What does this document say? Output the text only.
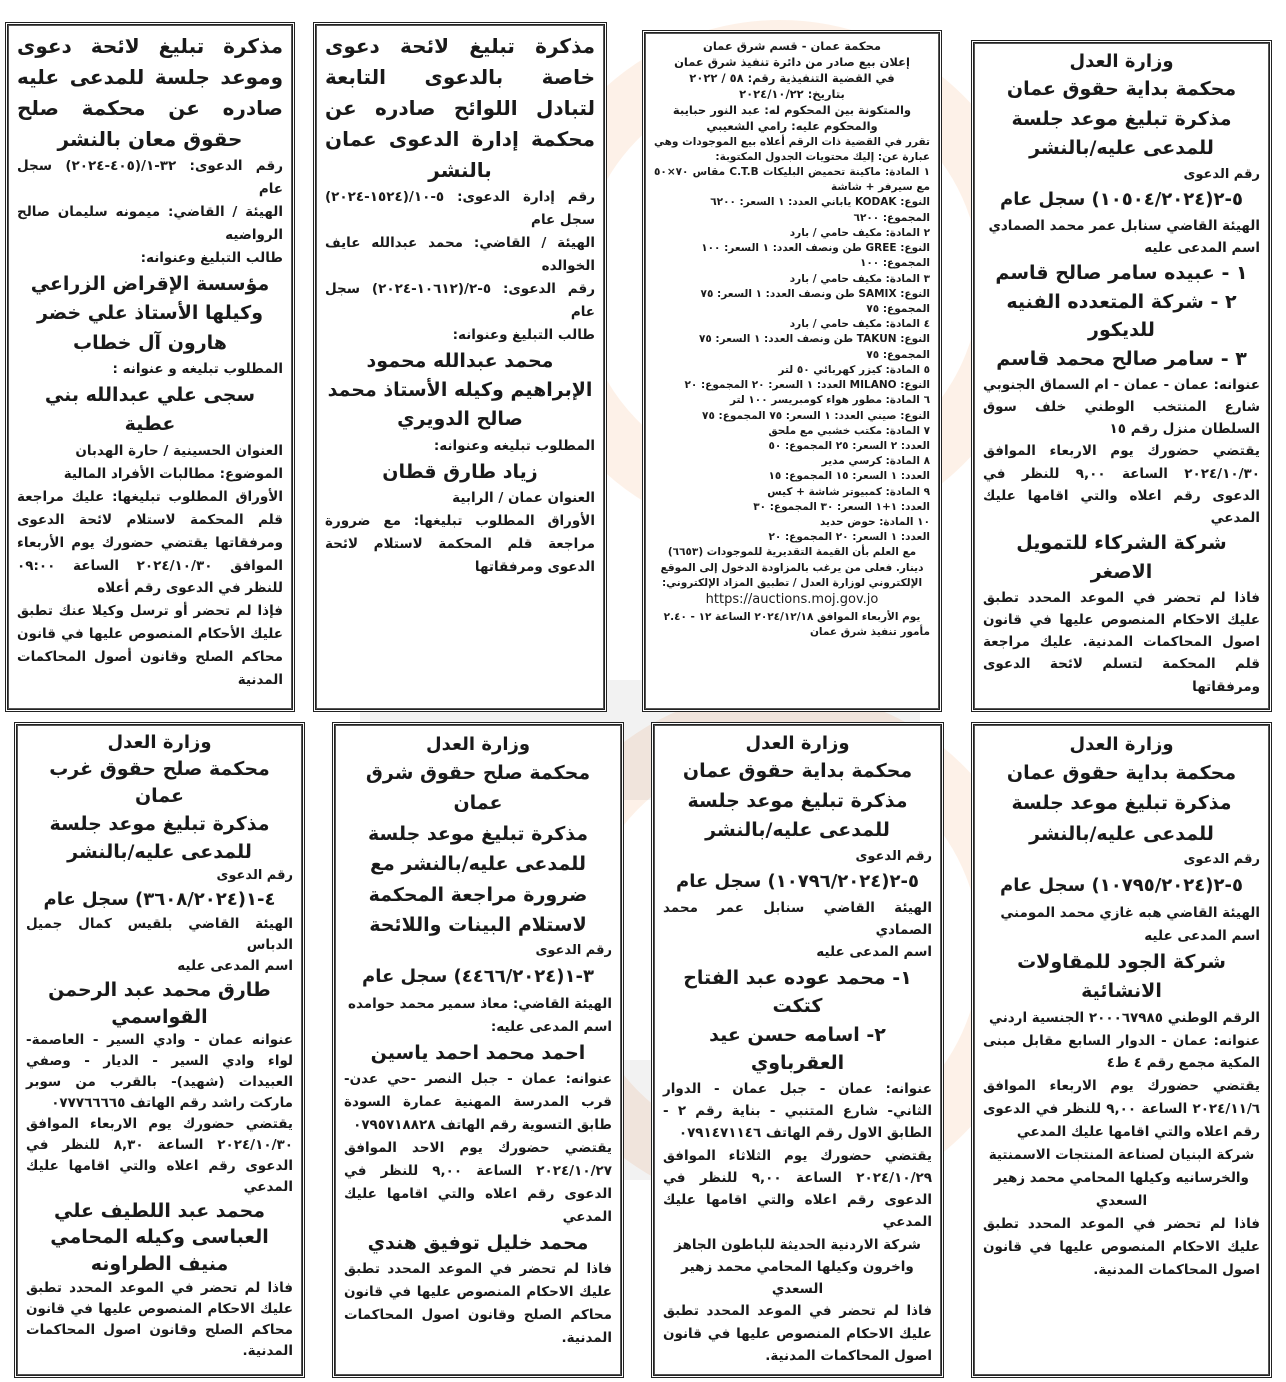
مذكرة تبليغ لائحة دعوى وموعد جلسة للمدعى عليه صادره عن محكمة صلح حقوق معان بالنشر

رقم الدعوى: ٣٢-١/(٤٠٥-٢٠٢٤) سجل عام

الهيئة / القاضي: ميمونه سليمان صالح الرواضيه

طالب التبليغ وعنوانه:

مؤسسة الإقراض الزراعي وكيلها الأستاذ علي خضر هارون آل خطاب

المطلوب تبليغه و عنوانه :

سجى علي عبدالله بني عطية

العنوان الحسينية / حارة الهدبان

الموضوع: مطالبات الأفراد المالية

الأوراق المطلوب تبليغها: عليك مراجعة قلم المحكمة لاستلام لائحة الدعوى ومرفقاتها يقتضي حضورك يوم الأربعاء الموافق ٢٠٢٤/١٠/٣٠ الساعة ٠٩:٠٠ للنظر في الدعوى رقم أعلاه

فإذا لم تحضر أو ترسل وكيلا عنك تطبق عليك الأحكام المنصوص عليها في قانون محاكم الصلح وقانون أصول المحاكمات المدنية

مذكرة تبليغ لائحة دعوى خاصة بالدعوى التابعة لتبادل اللوائح صادره عن محكمة إدارة الدعوى عمان بالنشر

رقم إدارة الدعوى: ٥-١٠/(١٥٢٤-٢٠٢٤) سجل عام

الهيئة / القاضي: محمد عبدالله عايف الخوالده

رقم الدعوى: ٥-٢/(١٠٦١٢-٢٠٢٤) سجل عام

طالب التبليغ وعنوانه:

محمد عبدالله محمود الإبراهيم وكيله الأستاذ محمد صالح الدويري

المطلوب تبليغه وعنوانه:

زياد طارق قطان

العنوان عمان / الرابية

الأوراق المطلوب تبليغها: مع ضرورة مراجعة قلم المحكمة لاستلام لائحة الدعوى ومرفقاتها

محكمة عمان - قسم شرق عمان

إعلان بيع صادر من دائرة تنفيذ شرق عمان

في القضية التنفيذية رقم: ٥٨ / ٢٠٢٢

بتاريخ: ٢٠٢٤/١٠/٢٢

والمتكونة بين المحكوم له: عبد النور حبايبة

والمحكوم عليه: رامي الشعيبي

تقرر في القضية ذات الرقم أعلاه بيع الموجودات وهي عبارة عن: إليك محتويات الجدول المكتوبة:

١ المادة: ماكينة تحميض البليكات C.T.B مقاس ٧٠×٥٠ مع سيرفر + شاشة

النوع: KODAK ياباني العدد: ١ السعر: ٦٢٠٠

المجموع: ٦٢٠٠

٢ المادة: مكيف حامي / بارد

النوع: GREE طن ونصف العدد: ١ السعر: ١٠٠

المجموع: ١٠٠

٣ المادة: مكيف حامي / بارد

النوع: SAMIX طن ونصف العدد: ١ السعر: ٧٥

المجموع: ٧٥

٤ المادة: مكيف حامي / بارد

النوع: TAKUN طن ونصف العدد: ١ السعر: ٧٥

المجموع: ٧٥

٥ المادة: كيزر كهربائي ٥٠ لتر

النوع: MILANO العدد: ١ السعر: ٢٠ المجموع: ٢٠

٦ المادة: مطور هواء كومبريسر ١٠٠ لتر

النوع: صيني العدد: ١ السعر: ٧٥ المجموع: ٧٥

٧ المادة: مكتب خشبي مع ملحق

العدد: ٢ السعر: ٢٥ المجموع: ٥٠

٨ المادة: كرسي مدير

العدد: ١ السعر: ١٥ المجموع: ١٥

٩ المادة: كمبيوتر شاشة + كيس

العدد: ١+١ السعر: ٣٠ المجموع: ٣٠

١٠ المادة: حوض حديد

العدد: ١ السعر: ٢٠ المجموع: ٢٠

مع العلم بأن القيمة التقديرية للموجودات (٦٦٥٣) دينار. فعلى من يرغب بالمزاودة الدخول إلى الموقع الإلكتروني لوزارة العدل / تطبيق المزاد الإلكتروني:

https://auctions.moj.gov.jo

يوم الأربعاء الموافق ٢٠٢٤/١٢/١٨ الساعة ١٢ - ٢.٤٠

مأمور تنفيذ شرق عمان

وزارة العدل

محكمة بداية حقوق عمان

مذكرة تبليغ موعد جلسة للمدعى عليه/بالنشر

رقم الدعوى

٥-٢(١٠٥٠٤/٢٠٢٤) سجل عام

الهيئة القاضي سنابل عمر محمد الصمادي

اسم المدعى عليه

١ - عبيده سامر صالح قاسم

٢ - شركة المتعدده الفنيه للديكور

٣ - سامر صالح محمد قاسم

عنوانه: عمان - عمان - ام السماق الجنوبي شارع المنتخب الوطني خلف سوق السلطان منزل رقم ١٥

يقتضي حضورك يوم الاربعاء الموافق ٢٠٢٤/١٠/٣٠ الساعة ٩,٠٠ للنظر في الدعوى رقم اعلاه والتي اقامها عليك المدعي

شركة الشركاء للتمويل الاصغر

فاذا لم تحضر في الموعد المحدد تطبق عليك الاحكام المنصوص عليها في قانون اصول المحاكمات المدنية. عليك مراجعة قلم المحكمة لتسلم لائحة الدعوى ومرفقاتها

وزارة العدل

محكمة صلح حقوق غرب عمان

مذكرة تبليغ موعد جلسة للمدعى عليه/بالنشر

رقم الدعوى

٤-١(٣٦٠٨/٢٠٢٤) سجل عام

الهيئة القاضي بلقيس كمال جميل الدباس

اسم المدعى عليه

طارق محمد عبد الرحمن القواسمي

عنوانه عمان - وادي السير - العاصمة- لواء وادي السير - الديار - وصفي العبيدات (شهيد)- بالقرب من سوبر ماركت راشد رقم الهاتف ٠٧٧٧٦٦٦٦٥

يقتضي حضورك يوم الاربعاء الموافق ٢٠٢٤/١٠/٣٠ الساعة ٨,٣٠ للنظر في الدعوى رقم اعلاه والتي اقامها عليك المدعي

محمد عبد اللطيف علي العباسى وكيله المحامي منيف الطراونه

فاذا لم تحضر في الموعد المحدد تطبق عليك الاحكام المنصوص عليها في قانون محاكم الصلح وقانون اصول المحاكمات المدنية.

وزارة العدل

محكمة صلح حقوق شرق عمان

مذكرة تبليغ موعد جلسة للمدعى عليه/بالنشر مع ضرورة مراجعة المحكمة لاستلام البينات واللائحة

رقم الدعوى

٣-١(٤٤٦٦/٢٠٢٤) سجل عام

الهيئة القاضي: معاذ سمير محمد حوامده

اسم المدعى عليه:

احمد محمد احمد ياسين

عنوانه: عمان - جبل النصر -حي عدن- قرب المدرسة المهنية عمارة السودة طابق التسوية رقم الهاتف ٠٧٩٥٧١٨٨٢٨

يقتضي حضورك يوم الاحد الموافق ٢٠٢٤/١٠/٢٧ الساعة ٩,٠٠ للنظر في الدعوى رقم اعلاه والتي اقامها عليك المدعي

محمد خليل توفيق هندي

فاذا لم تحضر في الموعد المحدد تطبق عليك الاحكام المنصوص عليها في قانون محاكم الصلح وقانون اصول المحاكمات المدنية.

وزارة العدل

محكمة بداية حقوق عمان

مذكرة تبليغ موعد جلسة للمدعى عليه/بالنشر

رقم الدعوى

٥-٢(١٠٧٩٦/٢٠٢٤) سجل عام

الهيئة القاضي سنابل عمر محمد الصمادي

اسم المدعى عليه

١- محمد عوده عبد الفتاح كتكت

٢- اسامه حسن عيد العقرباوي

عنوانه: عمان - جبل عمان - الدوار الثاني- شارع المتنبي - بناية رقم ٢ - الطابق الاول رقم الهاتف ٠٧٩١٤٧١١٤٦

يقتضي حضورك يوم الثلاثاء الموافق ٢٠٢٤/١٠/٢٩ الساعة ٩,٠٠ للنظر في الدعوى رقم اعلاه والتي اقامها عليك المدعي

شركة الاردنية الحديثة للباطون الجاهز واخرون وكيلها المحامي محمد زهير السعدي

فاذا لم تحضر في الموعد المحدد تطبق عليك الاحكام المنصوص عليها في قانون اصول المحاكمات المدنية.

وزارة العدل

محكمة بداية حقوق عمان

مذكرة تبليغ موعد جلسة للمدعى عليه/بالنشر

رقم الدعوى

٥-٢(١٠٧٩٥/٢٠٢٤) سجل عام

الهيئة القاضي هبه غازي محمد المومني

اسم المدعى عليه

شركة الجود للمقاولات الانشائية

الرقم الوطني ٢٠٠٠٦٧٩٨٥ الجنسية اردني

عنوانه: عمان - الدوار السابع مقابل مبنى المكية مجمع رقم ٤ ط٤

يقتضي حضورك يوم الاربعاء الموافق ٢٠٢٤/١١/٦ الساعة ٩,٠٠ للنظر في الدعوى رقم اعلاه والتي اقامها عليك المدعي

شركة البنيان لصناعة المنتجات الاسمنتية والخرسانيه وكيلها المحامي محمد زهير السعدي

فاذا لم تحضر في الموعد المحدد تطبق عليك الاحكام المنصوص عليها في قانون اصول المحاكمات المدنية.
